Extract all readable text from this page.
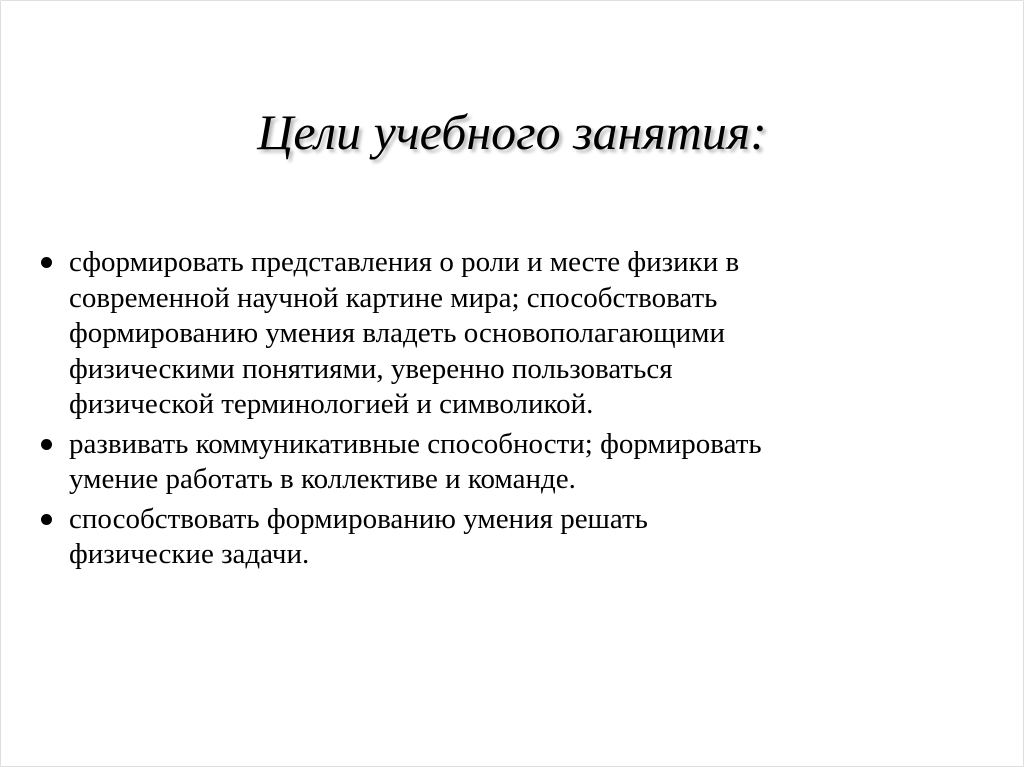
Цели учебного занятия:
сформировать представления о роли и месте физики в
современной научной картине мира; способствовать
формированию умения владеть основополагающими
физическими понятиями, уверенно пользоваться
физической терминологией и символикой.
развивать коммуникативные способности; формировать
умение работать в коллективе и команде.
способствовать формированию умения решать
физические задачи.
